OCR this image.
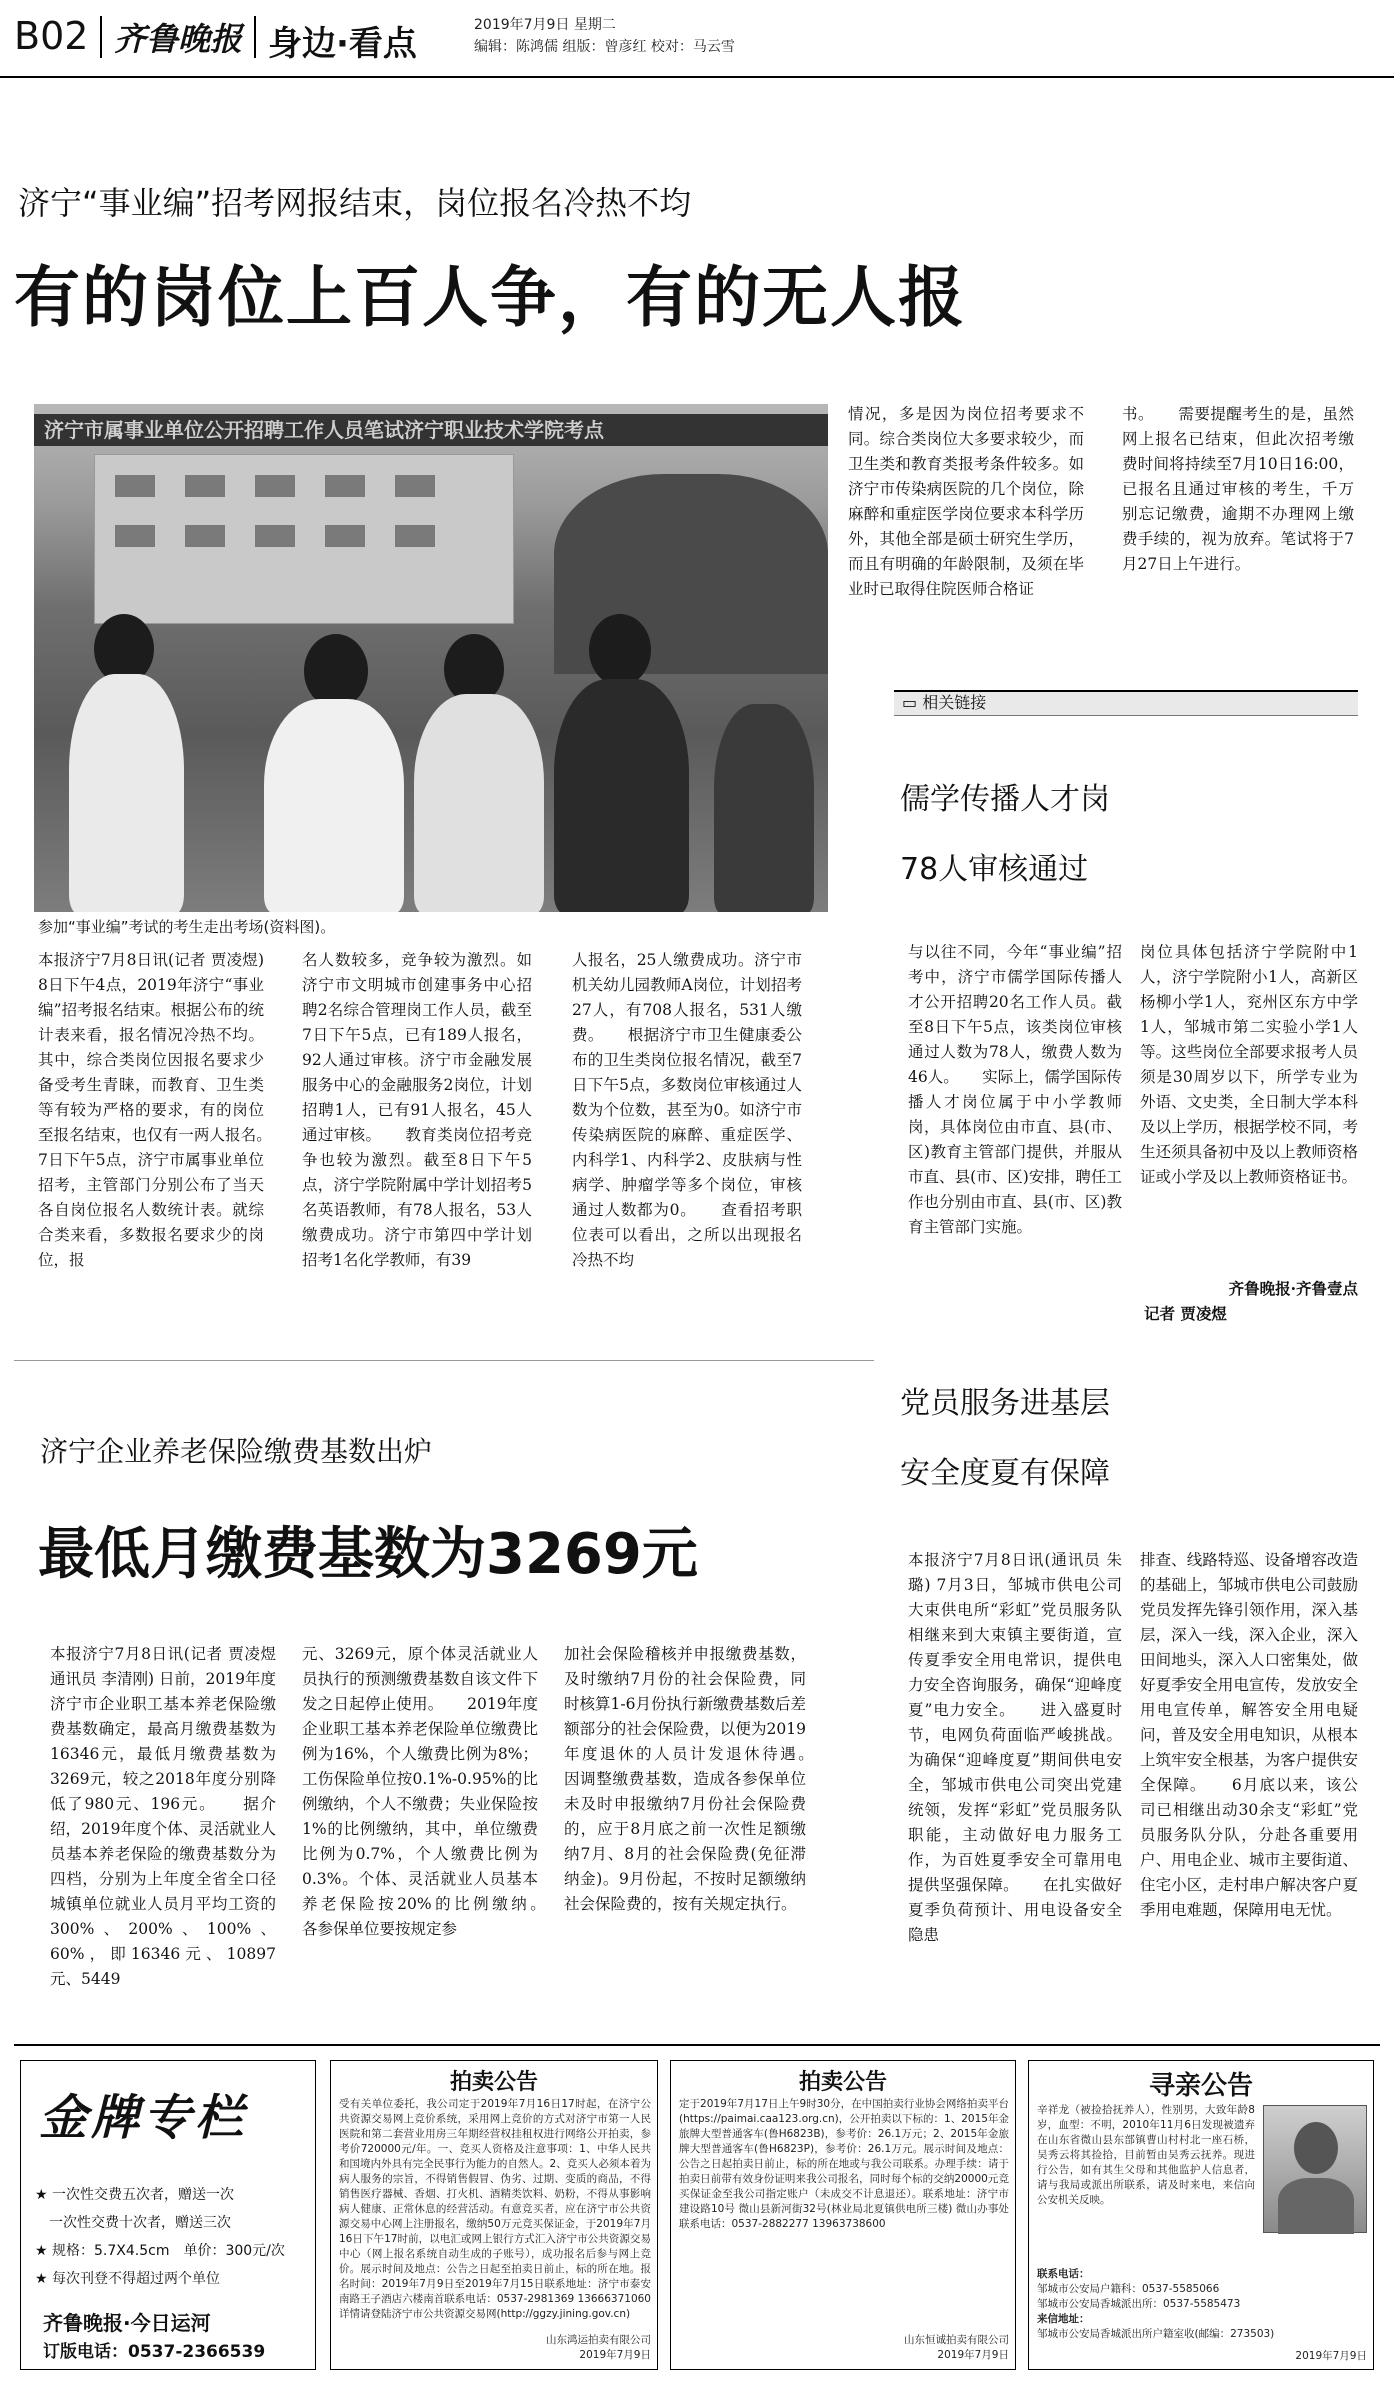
B02 齐鲁晚报 身边·看点	2019年7月9日 星期二
编辑：陈鸿儒 组版：曾彦红 校对：马云雪
济宁“事业编”招考网报结束，岗位报名冷热不均
有的岗位上百人争，有的无人报
济宁市属事业单位公开招聘工作人员笔试济宁职业技术学院考点
参加“事业编”考试的考生走出考场(资料图)。
本报济宁7月8日讯(记者 贾凌煜) 8日下午4点，2019年济宁“事业编”招考报名结束。根据公布的统计表来看，报名情况冷热不均。其中，综合类岗位因报名要求少备受考生青睐，而教育、卫生类等有较为严格的要求，有的岗位至报名结束，也仅有一两人报名。　　7日下午5点，济宁市属事业单位招考，主管部门分别公布了当天各自岗位报名人数统计表。就综合类来看，多数报名要求少的岗位，报
名人数较多，竞争较为激烈。如济宁市文明城市创建事务中心招聘2名综合管理岗工作人员，截至7日下午5点，已有189人报名，92人通过审核。济宁市金融发展服务中心的金融服务2岗位，计划招聘1人，已有91人报名，45人通过审核。　　教育类岗位招考竞争也较为激烈。截至8日下午5点，济宁学院附属中学计划招考5名英语教师，有78人报名，53人缴费成功。济宁市第四中学计划招考1名化学教师，有39
人报名，25人缴费成功。济宁市机关幼儿园教师A岗位，计划招考27人，有708人报名，531人缴费。　　根据济宁市卫生健康委公布的卫生类岗位报名情况，截至7日下午5点，多数岗位审核通过人数为个位数，甚至为0。如济宁市传染病医院的麻醉、重症医学、内科学1、内科学2、皮肤病与性病学、肿瘤学等多个岗位，审核通过人数都为0。　　查看招考职位表可以看出，之所以出现报名冷热不均
情况，多是因为岗位招考要求不同。综合类岗位大多要求较少，而卫生类和教育类报考条件较多。如济宁市传染病医院的几个岗位，除麻醉和重症医学岗位要求本科学历外，其他全部是硕士研究生学历，而且有明确的年龄限制，及须在毕业时已取得住院医师合格证
书。　　需要提醒考生的是，虽然网上报名已结束，但此次招考缴费时间将持续至7月10日16:00，已报名且通过审核的考生，千万别忘记缴费，逾期不办理网上缴费手续的，视为放弃。笔试将于7月27日上午进行。
▭ 相关链接
儒学传播人才岗
78人审核通过
与以往不同，今年“事业编”招考中，济宁市儒学国际传播人才公开招聘20名工作人员。截至8日下午5点，该类岗位审核通过人数为78人，缴费人数为46人。　　实际上，儒学国际传播人才岗位属于中小学教师岗，具体岗位由市直、县(市、区)教育主管部门提供，并服从市直、县(市、区)安排，聘任工作也分别由市直、县(市、区)教育主管部门实施。
岗位具体包括济宁学院附中1人，济宁学院附小1人，高新区杨柳小学1人，兖州区东方中学1人，邹城市第二实验小学1人等。这些岗位全部要求报考人员须是30周岁以下，所学专业为外语、文史类，全日制大学本科及以上学历，根据学校不同，考生还须具备初中及以上教师资格证或小学及以上教师资格证书。
齐鲁晚报·齐鲁壹点
记者 贾凌煜
济宁企业养老保险缴费基数出炉
最低月缴费基数为3269元
本报济宁7月8日讯(记者 贾凌煜 通讯员 李清刚) 日前，2019年度济宁市企业职工基本养老保险缴费基数确定，最高月缴费基数为16346元，最低月缴费基数为3269元，较之2018年度分别降低了980元、196元。　　据介绍，2019年度个体、灵活就业人员基本养老保险的缴费基数分为四档，分别为上年度全省全口径城镇单位就业人员月平均工资的300%、200%、100%、60%，即16346元、10897元、5449
元、3269元，原个体灵活就业人员执行的预测缴费基数自该文件下发之日起停止使用。　　2019年度企业职工基本养老保险单位缴费比例为16%，个人缴费比例为8%；工伤保险单位按0.1%-0.95%的比例缴纳，个人不缴费；失业保险按1%的比例缴纳，其中，单位缴费比例为0.7%，个人缴费比例为0.3%。个体、灵活就业人员基本养老保险按20%的比例缴纳。　　各参保单位要按规定参
加社会保险稽核并申报缴费基数，及时缴纳7月份的社会保险费，同时核算1-6月份执行新缴费基数后差额部分的社会保险费，以便为2019年度退休的人员计发退休待遇。　　因调整缴费基数，造成各参保单位未及时申报缴纳7月份社会保险费的，应于8月底之前一次性足额缴纳7月、8月的社会保险费(免征滞纳金)。9月份起，不按时足额缴纳社会保险费的，按有关规定执行。
党员服务进基层
安全度夏有保障
本报济宁7月8日讯(通讯员 朱璐) 7月3日，邹城市供电公司大束供电所“彩虹”党员服务队相继来到大束镇主要街道，宣传夏季安全用电常识，提供电力安全咨询服务，确保“迎峰度夏”电力安全。　　进入盛夏时节，电网负荷面临严峻挑战。为确保“迎峰度夏”期间供电安全，邹城市供电公司突出党建统领，发挥“彩虹”党员服务队职能，主动做好电力服务工作，为百姓夏季安全可靠用电提供坚强保障。　　在扎实做好夏季负荷预计、用电设备安全隐患
排查、线路特巡、设备增容改造的基础上，邹城市供电公司鼓励党员发挥先锋引领作用，深入基层，深入一线，深入企业，深入田间地头，深入人口密集处，做好夏季安全用电宣传，发放安全用电宣传单，解答安全用电疑问，普及安全用电知识，从根本上筑牢安全根基，为客户提供安全保障。　　6月底以来，该公司已相继出动30余支“彩虹”党员服务队分队，分赴各重要用户、用电企业、城市主要街道、住宅小区，走村串户解决客户夏季用电难题，保障用电无忧。
金牌专栏
★ 一次性交费五次者，赠送一次
　一次性交费十次者，赠送三次
★ 规格：5.7X4.5cm　单价：300元/次
★ 每次刊登不得超过两个单位
齐鲁晚报·今日运河
订版电话：0537-2366539
拍卖公告
受有关单位委托，我公司定于2019年7月16日17时起，在济宁公共资源交易网上竞价系统，采用网上竞价的方式对济宁市第一人民医院和第二套营业用房三年期经营权挂租权进行网络公开拍卖，参考价720000元/年。一、竞买人资格及注意事项：1、中华人民共和国境内外具有完全民事行为能力的自然人。2、竞买人必须本着为病人服务的宗旨，不得销售假冒、伪劣、过期、变质的商品，不得销售医疗器械、香烟、打火机、酒精类饮料、奶粉，不得从事影响病人健康、正常休息的经营活动。有意竞买者，应在济宁市公共资源交易中心网上注册报名，缴纳50万元竞买保证金，于2019年7月16日下午17时前，以电汇或网上银行方式汇入济宁市公共资源交易中心（网上报名系统自动生成的子账号），成功报名后参与网上竞价。展示时间及地点：公告之日起至拍卖日前止，标的所在地。报名时间：2019年7月9日至2019年7月15日联系地址：济宁市泰安南路王子酒店六楼南首联系电话：0537-2981369 13666371060详情请登陆济宁市公共资源交易网(http://ggzy.jining.gov.cn)
山东鸿运拍卖有限公司
2019年7月9日
拍卖公告
定于2019年7月17日上午9时30分，在中国拍卖行业协会网络拍卖平台(https://paimai.caa123.org.cn)，公开拍卖以下标的：1、2015年金旅牌大型普通客车(鲁H6823B)，参考价：26.1万元；2、2015年金旅牌大型普通客车(鲁H6823P)，参考价：26.1万元。展示时间及地点：公告之日起拍卖日前止，标的所在地或与我公司联系。办理手续：请于拍卖日前带有效身份证明来我公司报名，同时每个标的交纳20000元竞买保证金至我公司指定账户（未成交不计息退还）。联系地址：济宁市建设路10号 微山县新河街32号(林业局北夏镇供电所三楼) 微山办事处联系电话：0537-2882277 13963738600
山东恒诚拍卖有限公司
2019年7月9日
寻亲公告
辛祥龙（被捡拾抚养人），性别男，大致年龄8岁，血型：不明，2010年11月6日发现被遗弃在山东省微山县东部镇曹山村村北一座石桥，吴秀云将其捡拾，目前暂由吴秀云抚养。现进行公告，如有其生父母和其他监护人信息者，请与我局或派出所联系，请及时来电，来信向公安机关反映。
联系电话：
邹城市公安局户籍科：0537-5585066
邹城市公安局香城派出所：0537-5585473
来信地址：
邹城市公安局香城派出所户籍室收(邮编：273503)
2019年7月9日
